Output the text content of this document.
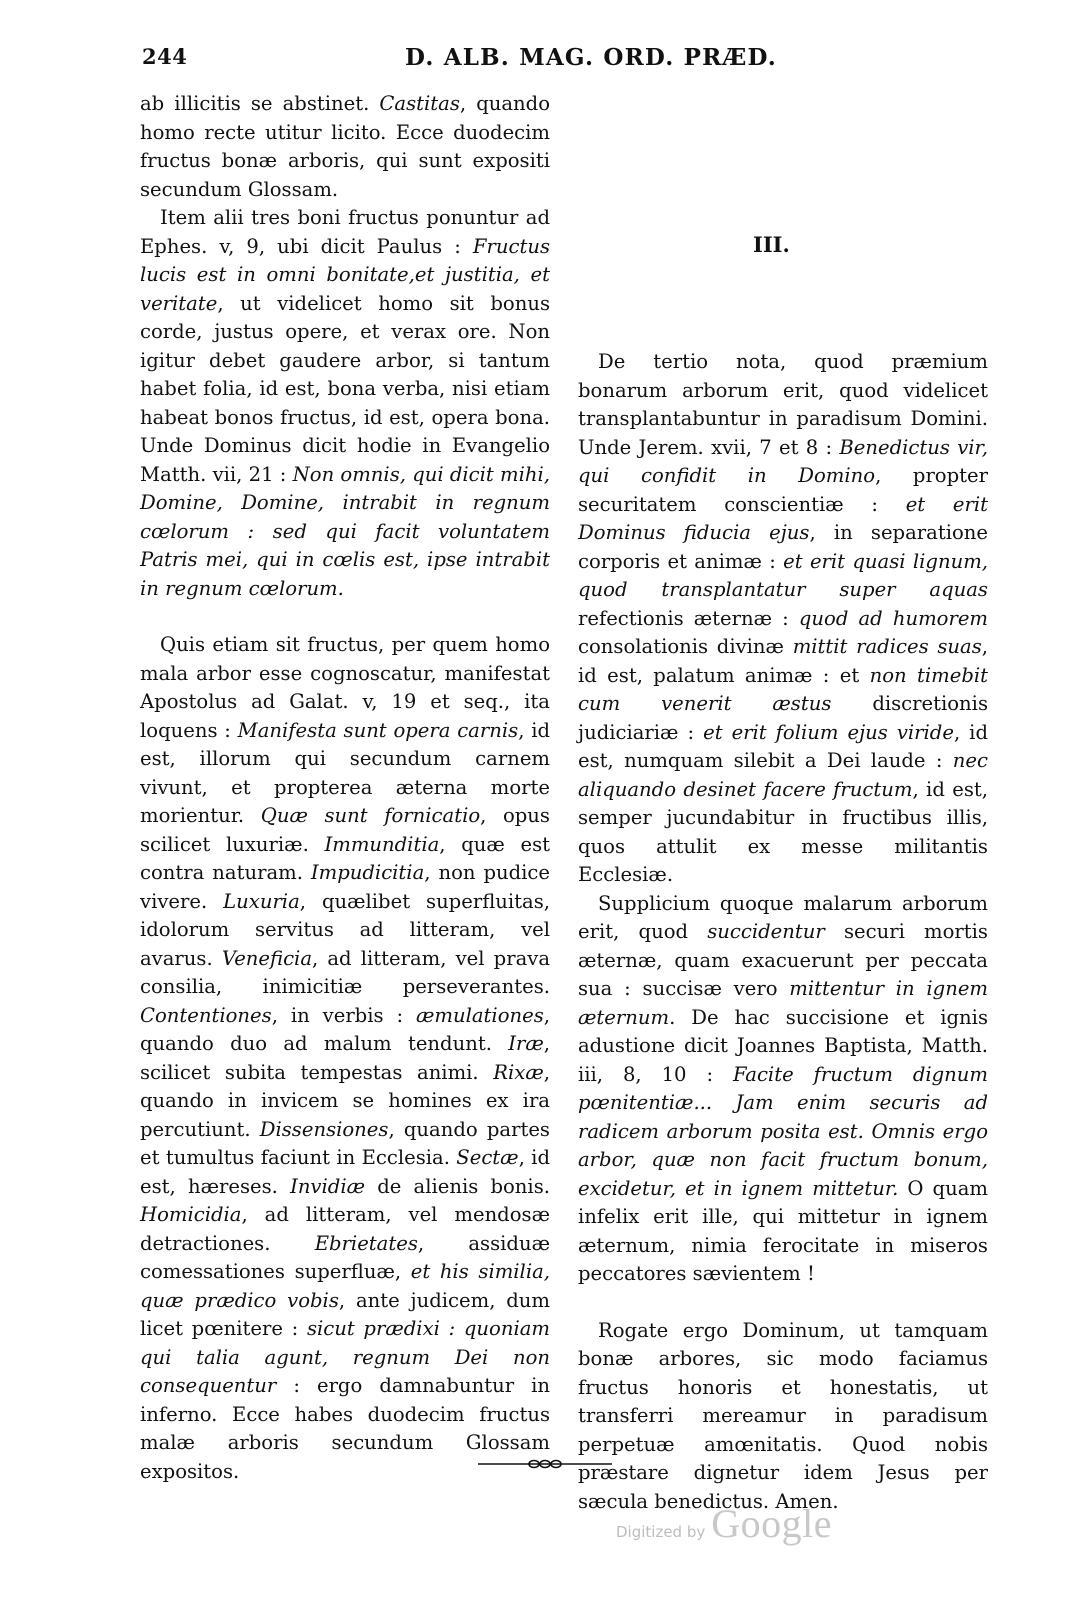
244	D. ALB. MAG. ORD. PRÆD.

ab illicitis se abstinet. Castitas, quando homo recte utitur licito. Ecce duodecim fructus bonæ arboris, qui sunt expositi secundum Glossam.

Item alii tres boni fructus ponuntur ad Ephes. v, 9, ubi dicit Paulus : Fructus lucis est in omni bonitate,et justitia, et veritate, ut videlicet homo sit bonus corde, justus opere, et verax ore. Non igitur debet gaudere arbor, si tantum habet folia, id est, bona verba, nisi etiam habeat bonos fructus, id est, opera bona. Unde Dominus dicit hodie in Evangelio Matth. vii, 21 : Non omnis, qui dicit mihi, Domine, Domine, intrabit in regnum cœlorum : sed qui facit voluntatem Patris mei, qui in cœlis est, ipse intrabit in regnum cœlorum.

Quis etiam sit fructus, per quem homo mala arbor esse cognoscatur, manifestat Apostolus ad Galat. v, 19 et seq., ita loquens : Manifesta sunt opera carnis, id est, illorum qui secundum carnem vivunt, et propterea æterna morte morientur. Quæ sunt fornicatio, opus scilicet luxuriæ. Immunditia, quæ est contra naturam. Impudicitia, non pudice vivere. Luxuria, quælibet superfluitas, idolorum servitus ad litteram, vel avarus. Veneficia, ad litteram, vel prava consilia, inimicitiæ perseverantes. Contentiones, in verbis : æmulationes, quando duo ad malum tendunt. Iræ, scilicet subita tempestas animi. Rixæ, quando in invicem se homines ex ira percutiunt. Dissensiones, quando partes et tumultus faciunt in Ecclesia. Sectæ, id est, hæreses. Invidiæ de alienis bonis. Homicidia, ad litteram, vel mendosæ detractiones. Ebrietates, assiduæ comessationes superfluæ, et his similia, quæ prædico vobis, ante judicem, dum licet pœnitere : sicut prædixi : quoniam qui talia agunt, regnum Dei non consequentur : ergo damnabuntur in inferno. Ecce habes duodecim fructus malæ arboris secundum Glossam expositos.

III.

De tertio nota, quod præmium bonarum arborum erit, quod videlicet transplantabuntur in paradisum Domini. Unde Jerem. xvii, 7 et 8 : Benedictus vir, qui confidit in Domino, propter securitatem conscientiæ : et erit Dominus fiducia ejus, in separatione corporis et animæ : et erit quasi lignum, quod transplantatur super aquas refectionis æternæ : quod ad humorem consolationis divinæ mittit radices suas, id est, palatum animæ : et non timebit cum venerit æstus discretionis judiciariæ : et erit folium ejus viride, id est, numquam silebit a Dei laude : nec aliquando desinet facere fructum, id est, semper jucundabitur in fructibus illis, quos attulit ex messe militantis Ecclesiæ.

Supplicium quoque malarum arborum erit, quod succidentur securi mortis æternæ, quam exacuerunt per peccata sua : succisæ vero mittentur in ignem æternum. De hac succisione et ignis adustione dicit Joannes Baptista, Matth. iii, 8, 10 : Facite fructum dignum pœnitentiæ... Jam enim securis ad radicem arborum posita est. Omnis ergo arbor, quæ non facit fructum bonum, excidetur, et in ignem mittetur. O quam infelix erit ille, qui mittetur in ignem æternum, nimia ferocitate in miseros peccatores sævientem !

Rogate ergo Dominum, ut tamquam bonæ arbores, sic modo faciamus fructus honoris et honestatis, ut transferri mereamur in paradisum perpetuæ amœnitatis. Quod nobis præstare dignetur idem Jesus per sæcula benedictus. Amen.

Digitized by Google
